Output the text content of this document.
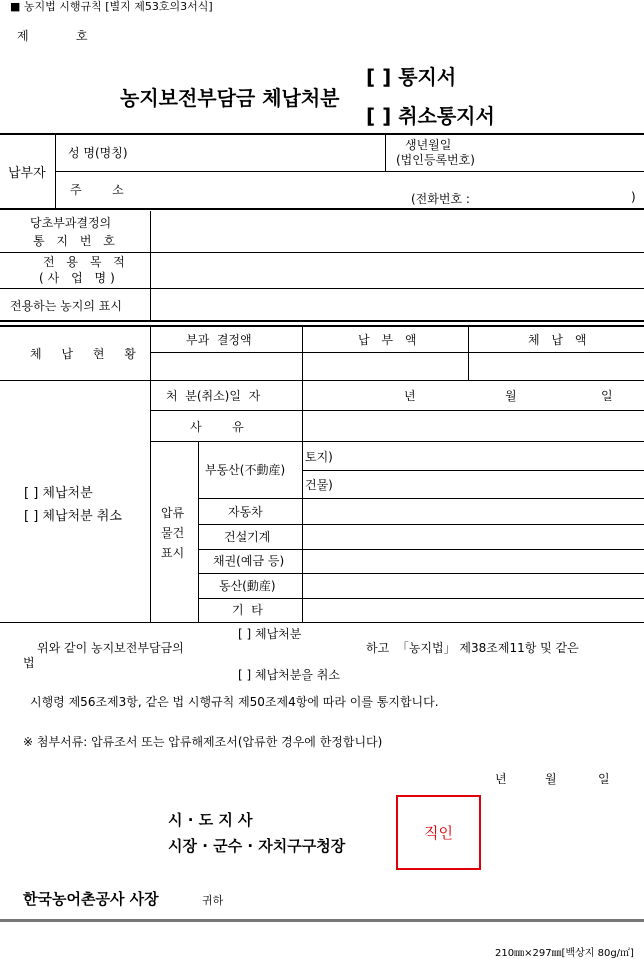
■ 농지법 시행규칙 [별지 제53호의3서식]
제	호
농지보전부담금 체납처분
[ ] 통지서
[ ] 취소통지서
납부자
성 명(명칭)
생년월일
(법인등록번호)
주        소
(전화번호 :	)
당초부과결정의
통 지 번 호
전 용 목 적
(사 업 명)
전용하는 농지의 표시
체 납 현 황
부과  결정액	납 부 액	체 납 액
[ ] 체납처분
[ ] 체납처분 취소
처  분(취소)일  자	년	월	일
사        유
압류
물건
표시
부동산(不動産)
토지)
건물)
자동차
건설기계
채권(예금 등)
동산(動産)
기  타
[ ] 체납처분
위와 같이 농지보전부담금의	하고  「농지법」 제38조제11항 및 같은
법
[ ] 체납처분을 취소
시행령 제56조제3항, 같은 법 시행규칙 제50조제4항에 따라 이를 통지합니다.
※ 첨부서류: 압류조서 또는 압류해제조서(압류한 경우에 한정합니다)
년	월	일
시 · 도 지 사
시장 · 군수 · 자치구구청장
직인
한국농어촌공사 사장	귀하
210㎜×297㎜[백상지 80g/㎡]
